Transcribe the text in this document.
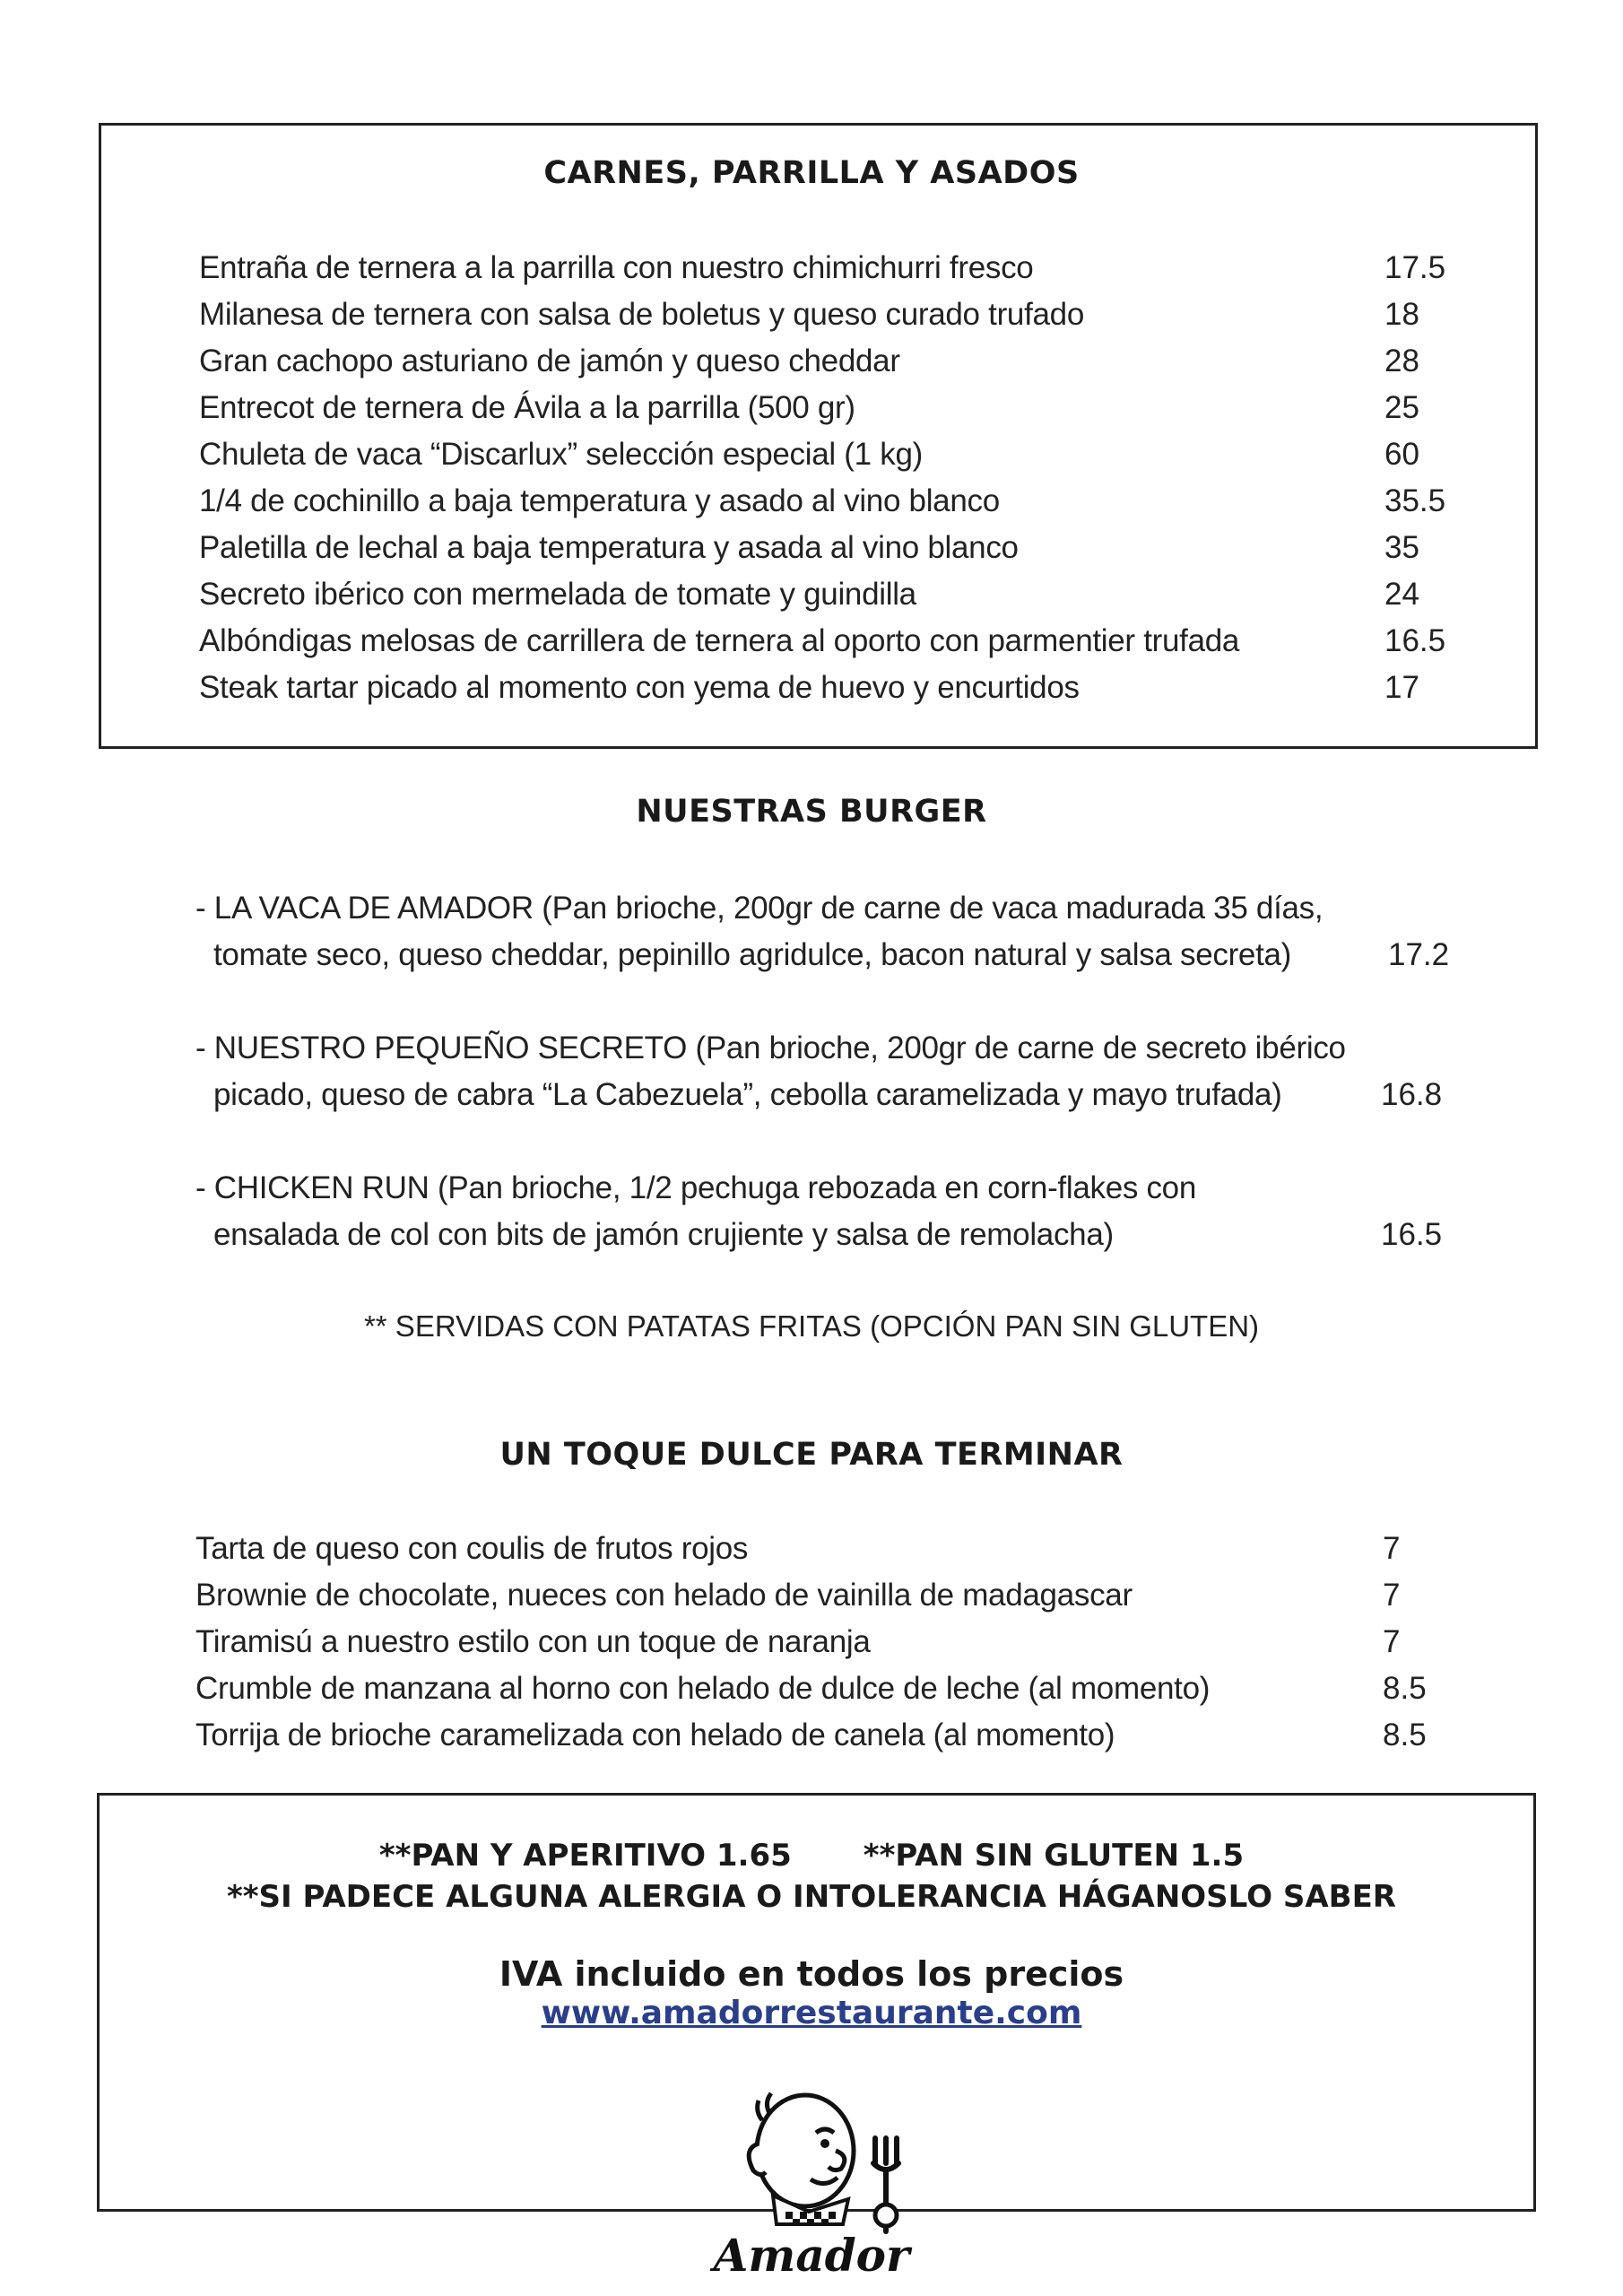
CARNES, PARRILLA Y ASADOS
Entraña de ternera a la parrilla con nuestro chimichurri fresco	17.5
Milanesa de ternera con salsa de boletus y queso curado trufado	18
Gran cachopo asturiano de jamón y queso cheddar	28
Entrecot de ternera de Ávila a la parrilla (500 gr)	25
Chuleta de vaca “Discarlux” selección especial (1 kg)	60
1/4 de cochinillo a baja temperatura y asado al vino blanco	35.5
Paletilla de lechal a baja temperatura y asada al vino blanco	35
Secreto ibérico con mermelada de tomate y guindilla	24
Albóndigas melosas de carrillera de ternera al oporto con parmentier trufada	16.5
Steak tartar picado al momento con yema de huevo y encurtidos	17
NUESTRAS BURGER
- LA VACA DE AMADOR (Pan brioche, 200gr de carne de vaca madurada 35 días,
tomate seco, queso cheddar, pepinillo agridulce, bacon natural y salsa secreta)	17.2
- NUESTRO PEQUEÑO SECRETO (Pan brioche, 200gr de carne de secreto ibérico
picado, queso de cabra “La Cabezuela”, cebolla caramelizada y mayo trufada)	16.8
- CHICKEN RUN (Pan brioche, 1/2 pechuga rebozada en corn-flakes con
ensalada de col con bits de jamón crujiente y salsa de remolacha)	16.5
** SERVIDAS CON PATATAS FRITAS (OPCIÓN PAN SIN GLUTEN)
UN TOQUE DULCE PARA TERMINAR
Tarta de queso con coulis de frutos rojos	7
Brownie de chocolate, nueces con helado de vainilla de madagascar	7
Tiramisú a nuestro estilo con un toque de naranja	7
Crumble de manzana al horno con helado de dulce de leche (al momento)	8.5
Torrija de brioche caramelizada con helado de canela (al momento)	8.5
**PAN Y APERITIVO 1.65 **PAN SIN GLUTEN 1.5
**SI PADECE ALGUNA ALERGIA O INTOLERANCIA HÁGANOSLO SABER
IVA incluido en todos los precios
www.amadorrestaurante.com
Amador
